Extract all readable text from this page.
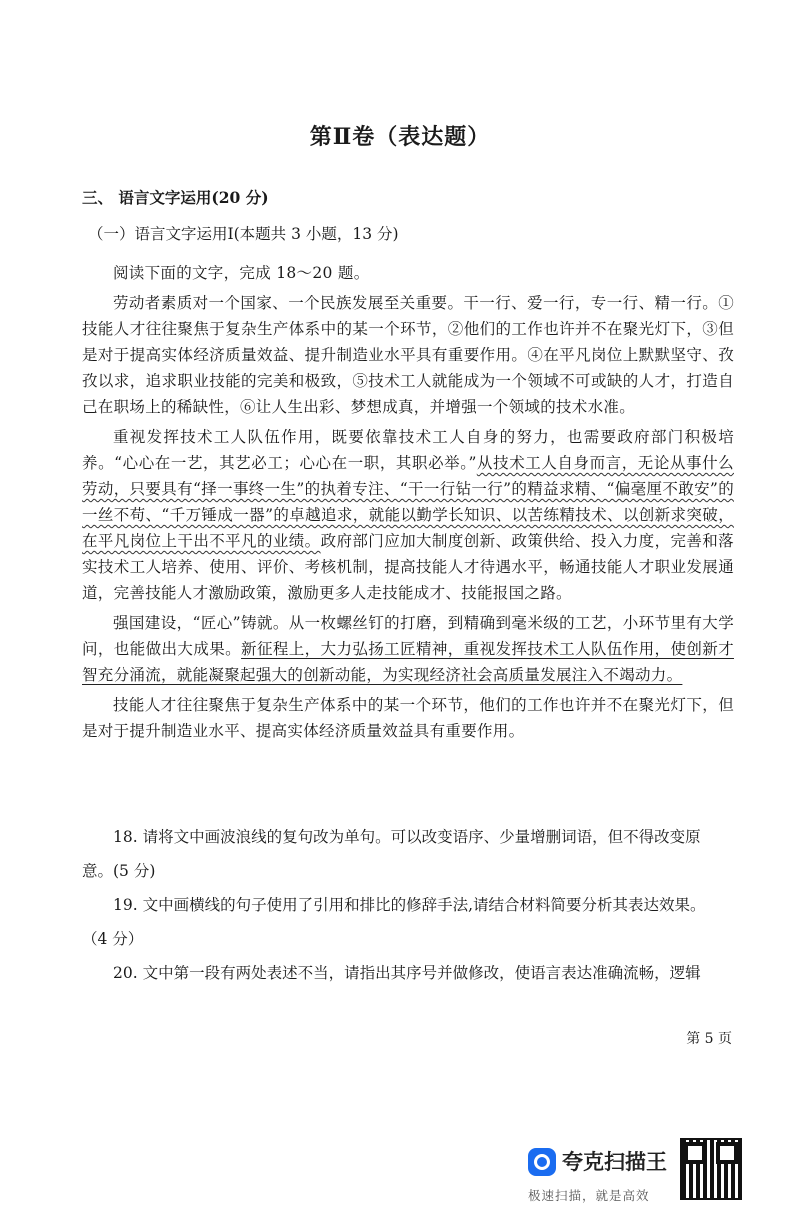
第Ⅱ卷（表达题）
三、 语言文字运用(20 分)
（一）语言文字运用Ⅰ(本题共 3 小题，13 分)

阅读下面的文字，完成 18～20 题。

劳动者素质对一个国家、一个民族发展至关重要。干一行、爱一行，专一行、精一行。①技能人才往往聚焦于复杂生产体系中的某一个环节，②他们的工作也许并不在聚光灯下，③但是对于提高实体经济质量效益、提升制造业水平具有重要作用。④在平凡岗位上默默坚守、孜孜以求，追求职业技能的完美和极致，⑤技术工人就能成为一个领域不可或缺的人才，打造自己在职场上的稀缺性，⑥让人生出彩、梦想成真，并增强一个领域的技术水准。

重视发挥技术工人队伍作用，既要依靠技术工人自身的努力，也需要政府部门积极培养。“心心在一艺，其艺必工；心心在一职，其职必举。”从技术工人自身而言，无论从事什么劳动，只要具有“择一事终一生”的执着专注、“干一行钻一行”的精益求精、“偏毫厘不敢安”的一丝不苟、“千万锤成一器”的卓越追求，就能以勤学长知识、以苦练精技术、以创新求突破，在平凡岗位上干出不平凡的业绩。政府部门应加大制度创新、政策供给、投入力度，完善和落实技术工人培养、使用、评价、考核机制，提高技能人才待遇水平，畅通技能人才职业发展通道，完善技能人才激励政策，激励更多人走技能成才、技能报国之路。

强国建设，“匠心”铸就。从一枚螺丝钉的打磨，到精确到毫米级的工艺，小环节里有大学问，也能做出大成果。新征程上，大力弘扬工匠精神，重视发挥技术工人队伍作用，使创新才智充分涌流，就能凝聚起强大的创新动能，为实现经济社会高质量发展注入不竭动力。

技能人才往往聚焦于复杂生产体系中的某一个环节，他们的工作也许并不在聚光灯下，但是对于提升制造业水平、提高实体经济质量效益具有重要作用。

18. 请将文中画波浪线的复句改为单句。可以改变语序、少量增删词语，但不得改变原

意。(5 分)

19. 文中画横线的句子使用了引用和排比的修辞手法,请结合材料简要分析其表达效果。

（4 分）

20. 文中第一段有两处表述不当，请指出其序号并做修改，使语言表达准确流畅，逻辑

第 5 页
夸克扫描王
极速扫描，就是高效
